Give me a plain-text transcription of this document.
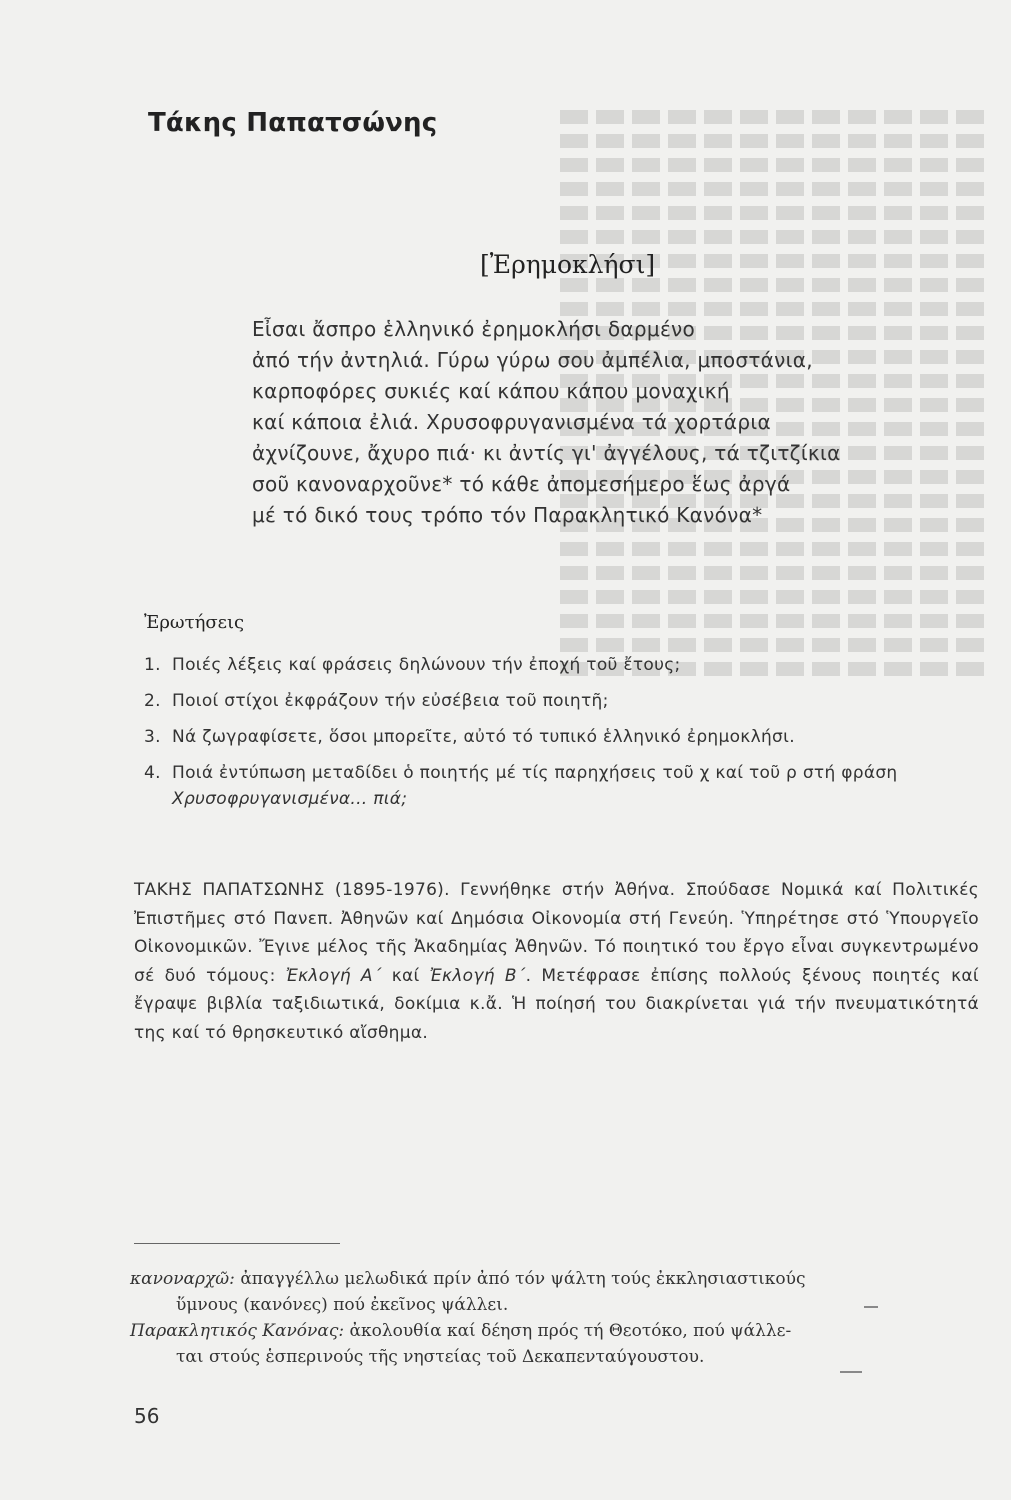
Τάκης Παπατσώνης
[Ἐρημοκλήσι]
Εἶσαι ἄσπρο ἑλληνικό ἐρημοκλήσι δαρμένο
ἀπό τήν ἀντηλιά. Γύρω γύρω σου ἀμπέλια, μποστάνια,
καρποφόρες συκιές καί κάπου κάπου μοναχική
καί κάποια ἐλιά. Χρυσοφρυγανισμένα τά χορτάρια
ἀχνίζουνε, ἄχυρο πιά· κι ἀντίς γι' ἀγγέλους, τά τζιτζίκια
σοῦ κανοναρχοῦνε* τό κάθε ἀπομεσήμερο ἕως ἀργά
μέ τό δικό τους τρόπο τόν Παρακλητικό Κανόνα*
Ἐρωτήσεις
1. Ποιές λέξεις καί φράσεις δηλώνουν τήν ἐποχή τοῦ ἔτους;
2. Ποιοί στίχοι ἐκφράζουν τήν εὐσέβεια τοῦ ποιητῆ;
3. Νά ζωγραφίσετε, ὅσοι μπορεῖτε, αὐτό τό τυπικό ἑλληνικό ἐρημοκλήσι.
4. Ποιά ἐντύπωση μεταδίδει ὁ ποιητής μέ τίς παρηχήσεις τοῦ χ καί τοῦ ρ στή φράση Χρυσοφρυγανισμένα... πιά;
ΤΑΚΗΣ ΠΑΠΑΤΣΩΝΗΣ (1895-1976). Γεννήθηκε στήν Ἀθήνα. Σπούδασε Νομικά καί Πολιτικές Ἐπιστῆμες στό Πανεπ. Ἀθηνῶν καί Δημόσια Οἰκονομία στή Γενεύη. Ὑπηρέτησε στό Ὑπουργεῖο Οἰκονομικῶν. Ἔγινε μέλος τῆς Ἀκαδημίας Ἀθηνῶν. Τό ποιητικό του ἔργο εἶναι συγκεντρωμένο σέ δυό τόμους: Ἐκλογή Α΄ καί Ἐκλογή Β΄. Μετέφρασε ἐπίσης πολλούς ξένους ποιητές καί ἔγραψε βιβλία ταξιδιωτικά, δοκίμια κ.ἄ. Ἡ ποίησή του διακρίνεται γιά τήν πνευματικότητά της καί τό θρησκευτικό αἴσθημα.
κανοναρχῶ: ἀπαγγέλλω μελωδικά πρίν ἀπό τόν ψάλτη τούς ἐκκλησιαστικούς
ὕμνους (κανόνες) πού ἐκεῖνος ψάλλει.
Παρακλητικός Κανόνας: ἀκολουθία καί δέηση πρός τή Θεοτόκο, πού ψάλλε-
ται στούς ἑσπερινούς τῆς νηστείας τοῦ Δεκαπενταύγουστου.
56
